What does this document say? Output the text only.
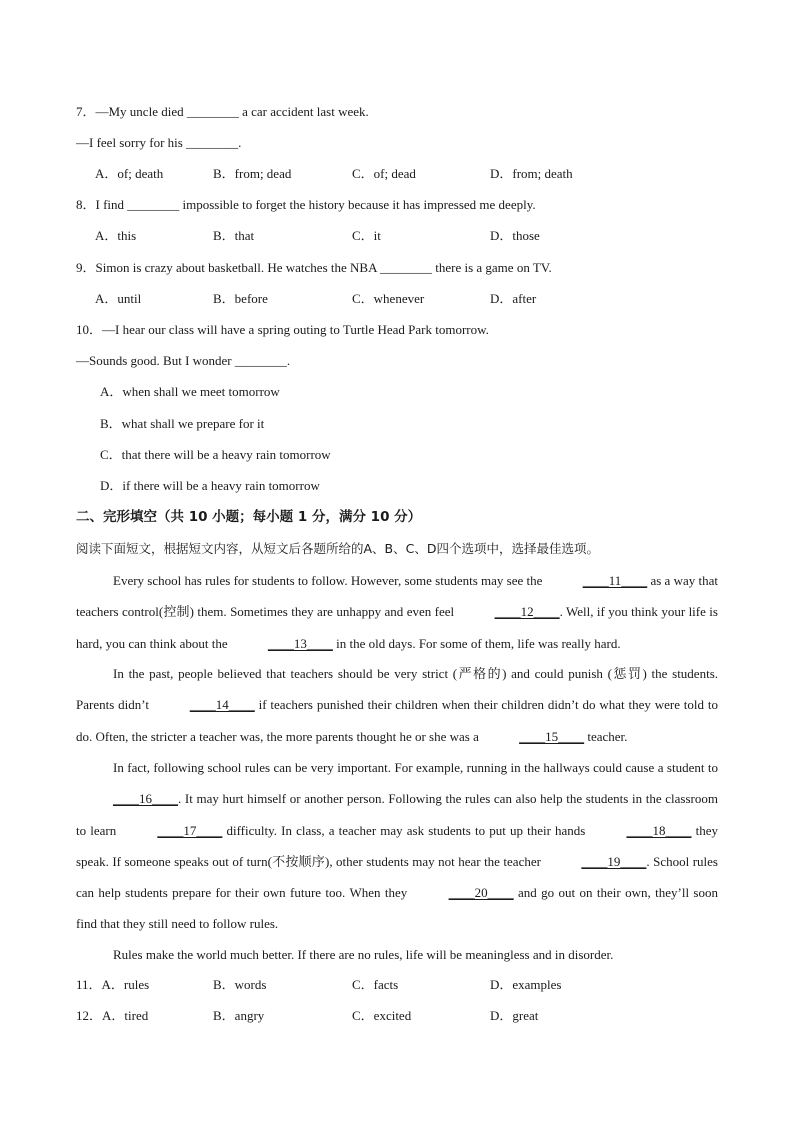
7．—My uncle died ________ a car accident last week.
—I feel sorry for his ________.
A．of; death	B．from; dead	C．of; dead	D．from; death
8．I find ________ impossible to forget the history because it has impressed me deeply.
A．this	B．that	C．it	D．those
9．Simon is crazy about basketball. He watches the NBA ________ there is a game on TV.
A．until	B．before	C．whenever	D．after
10．—I hear our class will have a spring outing to Turtle Head Park tomorrow.
—Sounds good. But I wonder ________.
A．when shall we meet tomorrow
B．what shall we prepare for it
C．that there will be a heavy rain tomorrow
D．if there will be a heavy rain tomorrow
二、完形填空（共 10 小题；每小题 1 分，满分 10 分）
阅读下面短文，根据短文内容，从短文后各题所给的A、B、C、D四个选项中，选择最佳选项。
Every school has rules for students to follow. However, some students may see the	____11____ as a way that teachers control(控制) them. Sometimes they are unhappy and even feel	____12____. Well, if you think your life is hard, you can think about the	____13____ in the old days. For some of them, life was really hard.
In the past, people believed that teachers should be very strict (严格的) and could punish (惩罚) the students. Parents didn’t	____14____ if teachers punished their children when their children didn’t do what they were told to do. Often, the stricter a teacher was, the more parents thought he or she was a	____15____ teacher.
In fact, following school rules can be very important. For example, running in the hallways could cause a student to ____16____. It may hurt himself or another person. Following the rules can also help the students in the classroom to learn	____17____ difficulty. In class, a teacher may ask students to put up their hands	____18____ they speak. If someone speaks out of turn(不按顺序), other students may not hear the teacher	____19____. School rules can help students prepare for their own future too. When they	____20____ and go out on their own, they’ll soon find that they still need to follow rules.
Rules make the world much better. If there are no rules, life will be meaningless and in disorder.
11．A．rules	B．words	C．facts	D．examples
12．A．tired	B．angry	C．excited	D．great
